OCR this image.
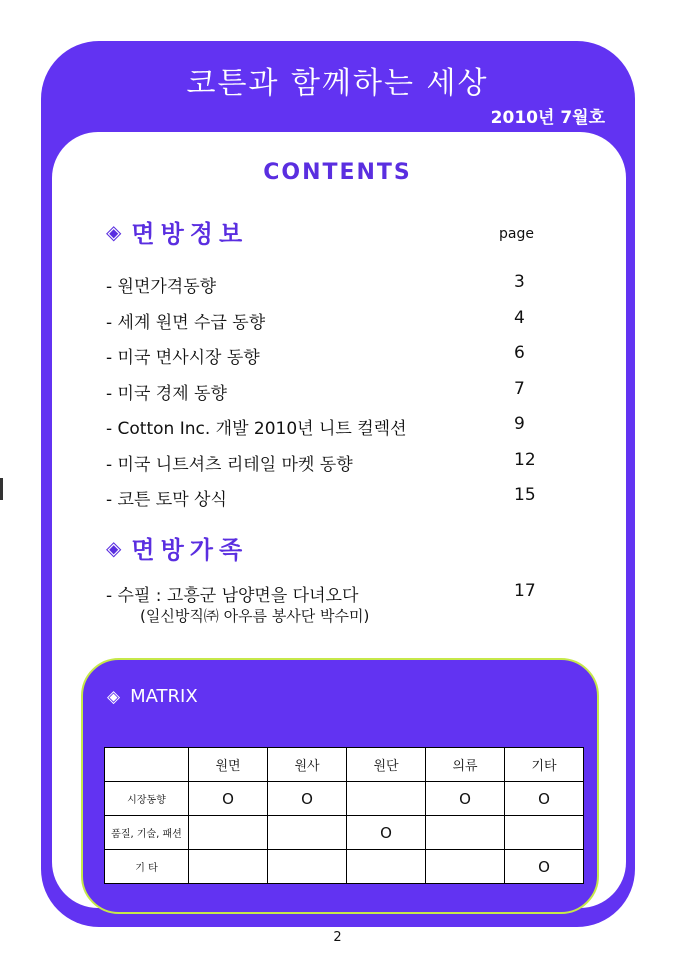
코튼과 함께하는 세상
2010년 7월호
CONTENTS
◈ 면방정보	page
- 원면가격동향	3
- 세계 원면 수급 동향	4
- 미국 면사시장 동향	6
- 미국 경제 동향	7
- Cotton Inc. 개발 2010년 니트 컬렉션	9
- 미국 니트셔츠 리테일 마켓 동향	12
- 코튼 토막 상식	15
◈ 면방가족
- 수필 : 고흥군 남양면을 다녀오다	17
(일신방직㈜ 아우름 봉사단 박수미)
◈ MATRIX
	원면	원사	원단	의류	기타
시장동향	O	O		O	O
품질, 기술, 패션			O		
기 타					O
2
